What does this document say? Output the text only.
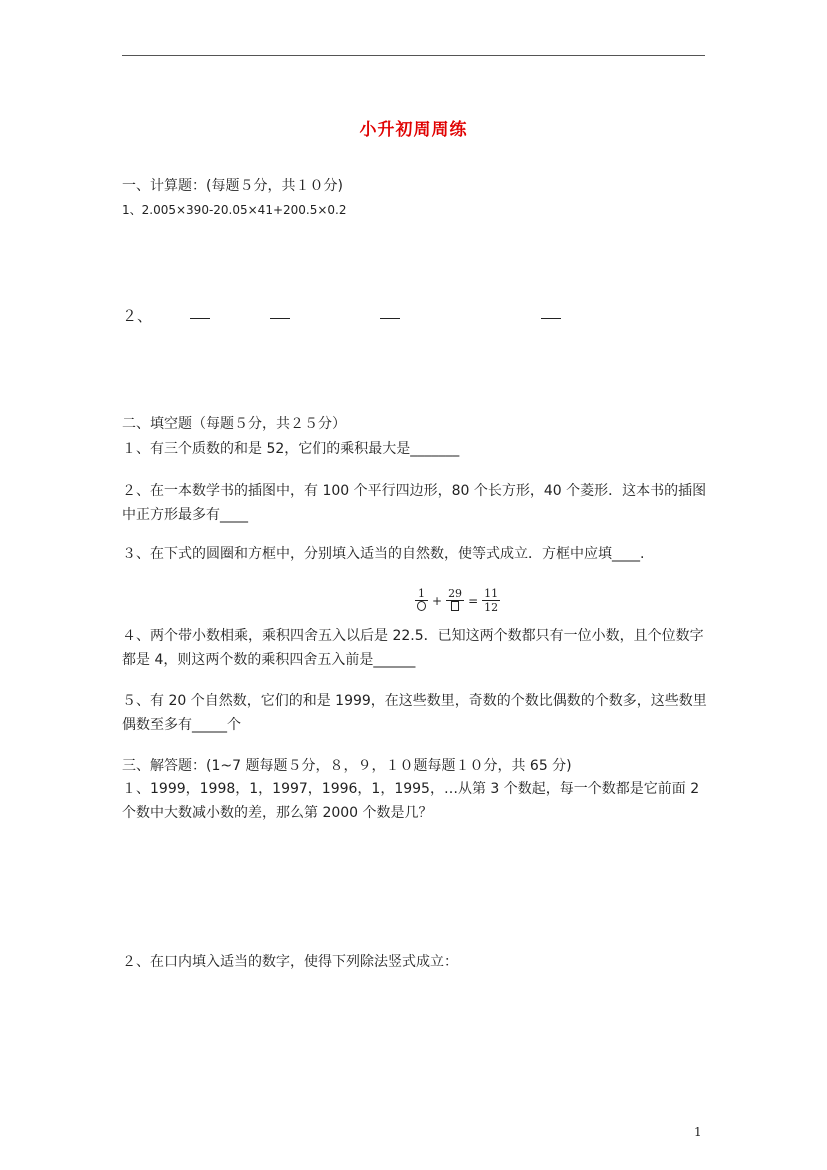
小升初周周练
一、计算题：(每题５分，共１０分)
1、2.005×390-20.05×41+200.5×0.2
２、
二、填空题（每题５分，共２５分）
１、有三个质数的和是 52，它们的乘积最大是_______
２、在一本数学书的插图中，有 100 个平行四边形，80 个长方形，40 个菱形．这本书的插图中正方形最多有____
３、在下式的圆圈和方框中，分别填入适当的自然数，使等式成立．方框中应填____.
1
+
29
= $\frac{11}{12}$
４、两个带小数相乘，乘积四舍五入以后是 22.5．已知这两个数都只有一位小数，且个位数字都是 4，则这两个数的乘积四舍五入前是______
５、有 20 个自然数，它们的和是 1999，在这些数里，奇数的个数比偶数的个数多，这些数里偶数至多有_____个
三、解答题：(1~7 题每题５分，８，９，１０题每题１０分，共 65 分)
１、1999，1998，1，1997，1996，1，1995，…从第 3 个数起，每一个数都是它前面 2 个数中大数减小数的差，那么第 2000 个数是几？
２、在口内填入适当的数字，使得下列除法竖式成立：
1
